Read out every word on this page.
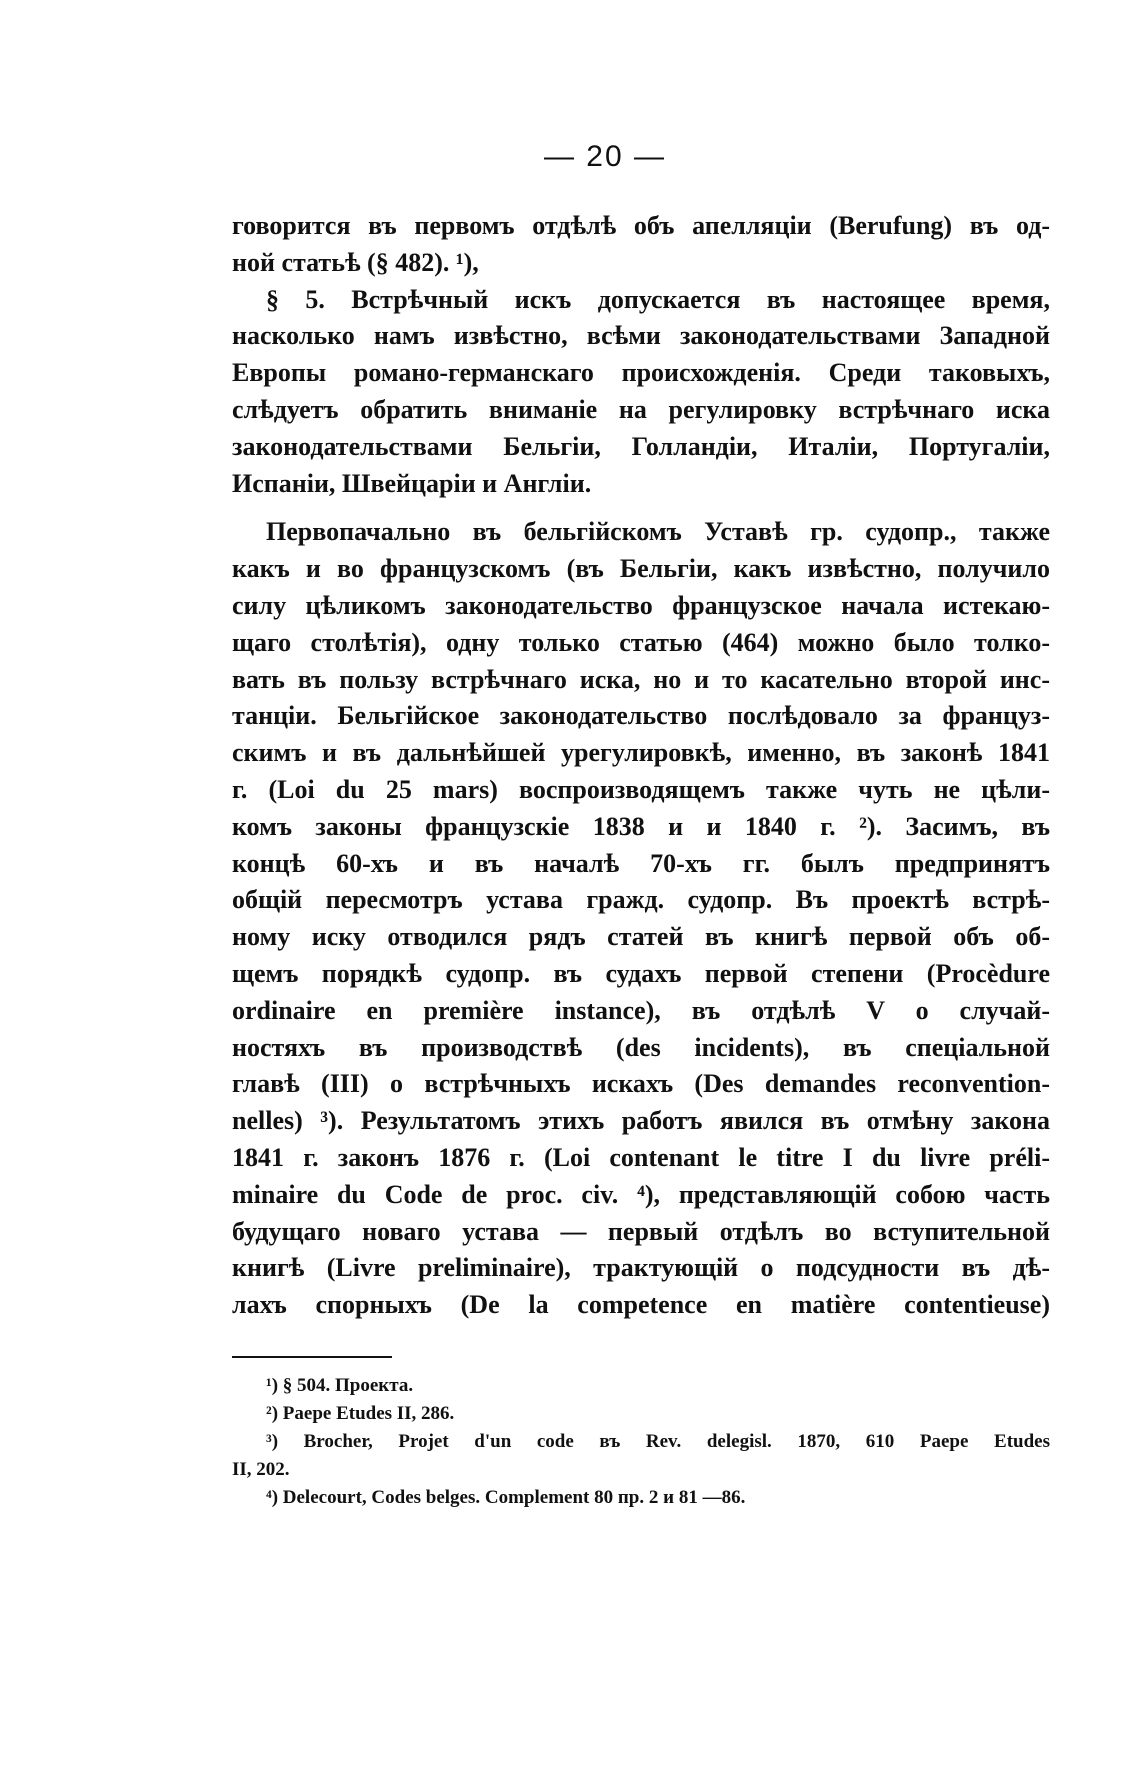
— 20 —
говорится въ первомъ отдѣлѣ объ апелляціи (Berufung) въ од-
ной статьѣ (§ 482). ¹),
§ 5. Встрѣчный искъ допускается въ настоящее время,
насколько намъ извѣстно, всѣми законодательствами Западной
Европы романо-германскаго происхожденія. Среди таковыхъ,
слѣдуетъ обратить вниманіе на регулировку встрѣчнаго иска
законодательствами Бельгіи, Голландіи, Италіи, Португаліи,
Испаніи, Швейцаріи и Англіи.
Первопачально въ бельгійскомъ Уставѣ гр. судопр., также
какъ и во французскомъ (въ Бельгіи, какъ извѣстно, получило
силу цѣликомъ законодательство французское начала истекаю-
щаго столѣтія), одну только статью (464) можно было толко-
вать въ пользу встрѣчнаго иска, но и то касательно второй инс-
танціи. Бельгійское законодательство послѣдовало за француз-
скимъ и въ дальнѣйшей урегулировкѣ, именно, въ законѣ 1841
г. (Loi du 25 mars) воспроизводящемъ также чуть не цѣли-
комъ законы французскіе 1838 и и 1840 г. ²). Засимъ, въ
концѣ 60-хъ и въ началѣ 70-хъ гг. былъ предпринятъ
общій пересмотръ устава гражд. судопр. Въ проектѣ встрѣ-
ному иску отводился рядъ статей въ книгѣ первой объ об-
щемъ порядкѣ судопр. въ судахъ первой степени (Procèdure
ordinaire en première instance), въ отдѣлѣ V о случай-
ностяхъ въ производствѣ (des incidents), въ спеціальной
главѣ (III) о встрѣчныхъ искахъ (Des demandes reconvention-
nelles) ³). Результатомъ этихъ работъ явился въ отмѣну закона
1841 г. законъ 1876 г. (Loi contenant le titre I du livre préli-
minaire du Code de proc. civ. ⁴), представляющій собою часть
будущаго новаго устава — первый отдѣлъ во вступительной
книгѣ (Livre preliminaire), трактующій о подсудности въ дѣ-
лахъ спорныхъ (De la competence en matière contentieuse)
¹) § 504. Проекта.
²) Paepe Etudes II, 286.
³) Brocher, Projet d'un code въ Rev. delegisl. 1870, 610 Paepe Etudes
II, 202.
⁴) Delecourt, Codes belges. Complement 80 пр. 2 и 81 —86.
